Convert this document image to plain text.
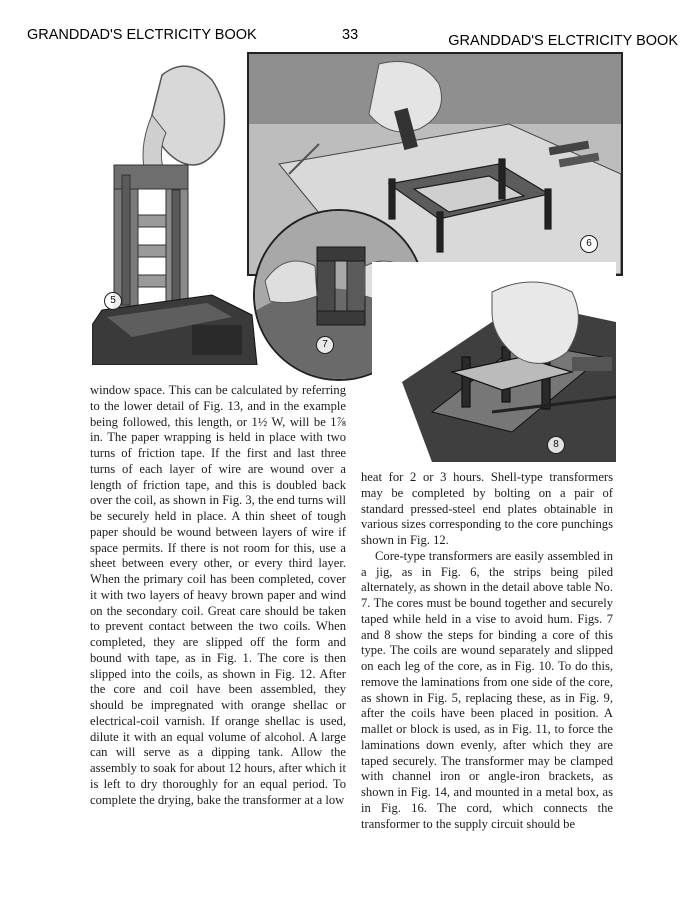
GRANDDAD'S ELCTRICITY BOOK	33	GRANDDAD'S ELCTRICITY BOOK
5
6
7
8

window space. This can be calculated by referring to the lower detail of Fig. 13, and in the example being followed, this length, or 1½ W, will be 1⅞ in. The paper wrapping is held in place with two turns of friction tape. If the first and last three turns of each layer of wire are wound over a length of friction tape, and this is doubled back over the coil, as shown in Fig. 3, the end turns will be securely held in place. A thin sheet of tough paper should be wound between layers of wire if space permits. If there is not room for this, use a sheet between every other, or every third layer. When the primary coil has been completed, cover it with two layers of heavy brown paper and wind on the secondary coil. Great care should be taken to prevent contact between the two coils. When completed, they are slipped off the form and bound with tape, as in Fig. 1. The core is then slipped into the coils, as shown in Fig. 12. After the core and coil have been assembled, they should be impregnated with orange shellac or electrical-coil varnish. If orange shellac is used, dilute it with an equal volume of alcohol. A large can will serve as a dipping tank. Allow the assembly to soak for about 12 hours, after which it is left to dry thoroughly for an equal period. To complete the drying, bake the transformer at a low

heat for 2 or 3 hours. Shell-type transformers may be completed by bolting on a pair of standard pressed-steel end plates obtainable in various sizes corresponding to the core punchings shown in Fig. 12.
Core-type transformers are easily assembled in a jig, as in Fig. 6, the strips being piled alternately, as shown in the detail above table No. 7. The cores must be bound together and securely taped while held in a vise to avoid hum. Figs. 7 and 8 show the steps for binding a core of this type. The coils are wound separately and slipped on each leg of the core, as in Fig. 10. To do this, remove the laminations from one side of the core, as shown in Fig. 5, replacing these, as in Fig. 9, after the coils have been placed in position. A mallet or block is used, as in Fig. 11, to force the laminations down evenly, after which they are taped securely. The transformer may be clamped with channel iron or angle-iron brackets, as shown in Fig. 14, and mounted in a metal box, as in Fig. 16. The cord, which connects the transformer to the supply circuit should be
